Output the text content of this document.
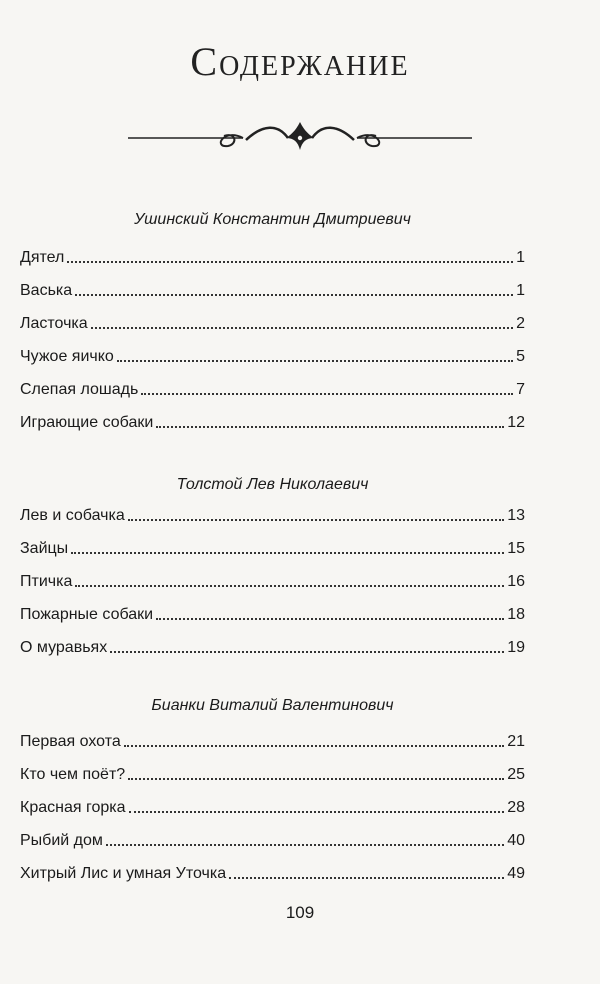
Содержание
Ушинский Константин Дмитриевич
Дятел	1
Васька	1
Ласточка	2
Чужое яичко	5
Слепая лошадь	7
Играющие собаки	12
Толстой Лев Николаевич
Лев и собачка	13
Зайцы	15
Птичка	16
Пожарные собаки	18
О муравьях	19
Бианки Виталий Валентинович
Первая охота	21
Кто чем поёт?	25
Красная горка	28
Рыбий дом	40
Хитрый Лис и умная Уточка	49
109
